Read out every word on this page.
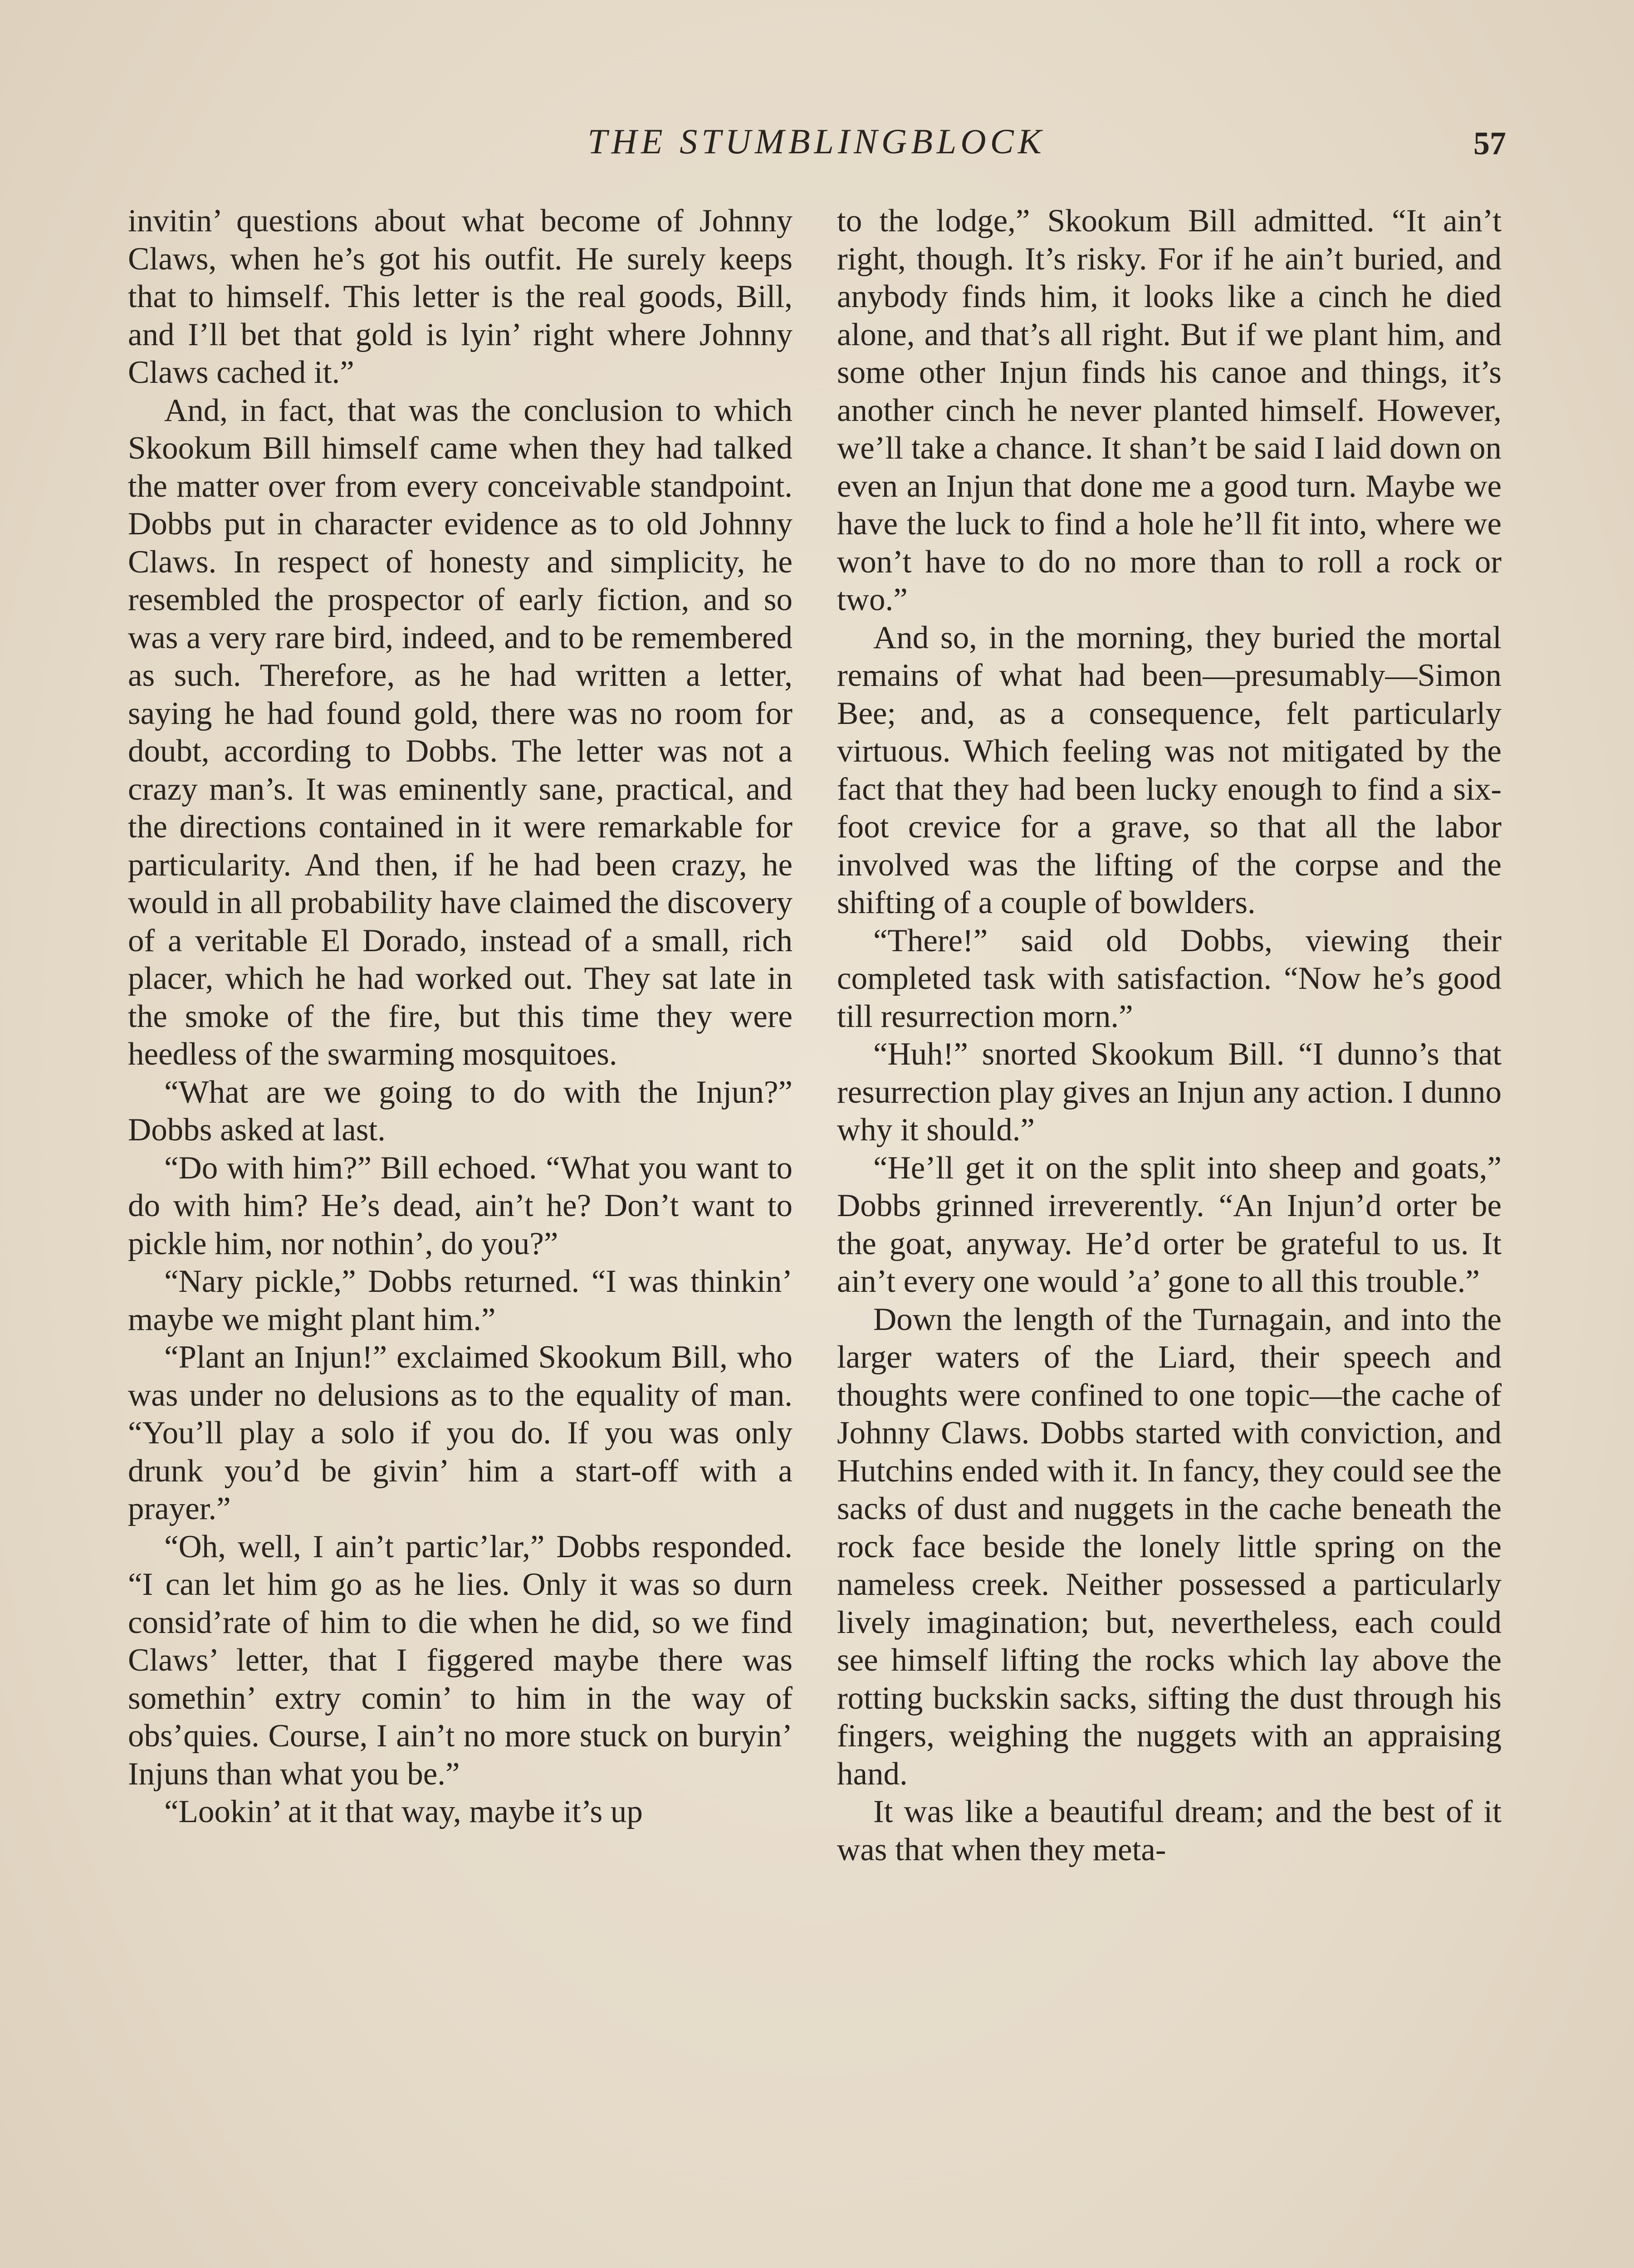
THE STUMBLINGBLOCK	57

invitin’ questions about what become of Johnny Claws, when he’s got his outfit. He surely keeps that to himself. This letter is the real goods, Bill, and I’ll bet that gold is lyin’ right where Johnny Claws cached it.”

And, in fact, that was the conclusion to which Skookum Bill himself came when they had talked the matter over from every conceivable standpoint. Dobbs put in character evidence as to old Johnny Claws. In respect of honesty and simplicity, he resembled the prospector of early fiction, and so was a very rare bird, indeed, and to be remembered as such. Therefore, as he had written a letter, saying he had found gold, there was no room for doubt, according to Dobbs. The letter was not a crazy man’s. It was eminently sane, practical, and the directions contained in it were remarkable for particularity. And then, if he had been crazy, he would in all probability have claimed the discovery of a veritable El Dorado, instead of a small, rich placer, which he had worked out. They sat late in the smoke of the fire, but this time they were heedless of the swarming mosquitoes.

“What are we going to do with the Injun?” Dobbs asked at last.

“Do with him?” Bill echoed. “What you want to do with him? He’s dead, ain’t he? Don’t want to pickle him, nor nothin’, do you?”

“Nary pickle,” Dobbs returned. “I was thinkin’ maybe we might plant him.”

“Plant an Injun!” exclaimed Skookum Bill, who was under no delusions as to the equality of man. “You’ll play a solo if you do. If you was only drunk you’d be givin’ him a start-off with a prayer.”

“Oh, well, I ain’t partic’lar,” Dobbs responded. “I can let him go as he lies. Only it was so durn consid’rate of him to die when he did, so we find Claws’ letter, that I figgered maybe there was somethin’ extry comin’ to him in the way of obs’quies. Course, I ain’t no more stuck on buryin’ Injuns than what you be.”

“Lookin’ at it that way, maybe it’s up

to the lodge,” Skookum Bill admitted. “It ain’t right, though. It’s risky. For if he ain’t buried, and anybody finds him, it looks like a cinch he died alone, and that’s all right. But if we plant him, and some other Injun finds his canoe and things, it’s another cinch he never planted himself. However, we’ll take a chance. It shan’t be said I laid down on even an Injun that done me a good turn. Maybe we have the luck to find a hole he’ll fit into, where we won’t have to do no more than to roll a rock or two.”

And so, in the morning, they buried the mortal remains of what had been—presumably—Simon Bee; and, as a consequence, felt particularly virtuous. Which feeling was not mitigated by the fact that they had been lucky enough to find a six-foot crevice for a grave, so that all the labor involved was the lifting of the corpse and the shifting of a couple of bowlders.

“There!” said old Dobbs, viewing their completed task with satisfaction. “Now he’s good till resurrection morn.”

“Huh!” snorted Skookum Bill. “I dunno’s that resurrection play gives an Injun any action. I dunno why it should.”

“He’ll get it on the split into sheep and goats,” Dobbs grinned irreverently. “An Injun’d orter be the goat, anyway. He’d orter be grateful to us. It ain’t every one would ’a’ gone to all this trouble.”

Down the length of the Turnagain, and into the larger waters of the Liard, their speech and thoughts were confined to one topic—the cache of Johnny Claws. Dobbs started with conviction, and Hutchins ended with it. In fancy, they could see the sacks of dust and nuggets in the cache beneath the rock face beside the lonely little spring on the nameless creek. Neither possessed a particularly lively imagination; but, nevertheless, each could see himself lifting the rocks which lay above the rotting buckskin sacks, sifting the dust through his fingers, weighing the nuggets with an appraising hand.

It was like a beautiful dream; and the best of it was that when they meta-
